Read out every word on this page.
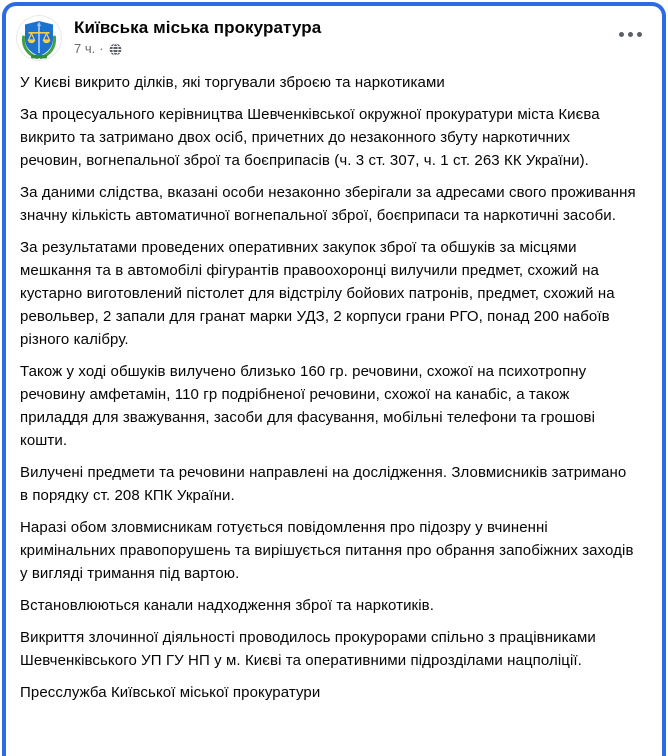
Київська міська прокуратура
7 ч. ·

У Києві викрито ділків, які торгували зброєю та наркотиками

За процесуального керівництва Шевченківської окружної прокуратури міста Києва викрито та затримано двох осіб, причетних до незаконного збуту наркотичних речовин, вогнепальної зброї та боєприпасів (ч. 3 ст. 307, ч. 1 ст. 263 КК України).

За даними слідства, вказані особи незаконно зберігали за адресами свого проживання значну кількість автоматичної вогнепальної зброї, боєприпаси та наркотичні засоби.

За результатами проведених оперативних закупок зброї та обшуків за місцями мешкання та в автомобілі фігурантів правоохоронці вилучили предмет, схожий на кустарно виготовлений пістолет для відстрілу бойових патронів, предмет, схожий на револьвер, 2 запали для гранат марки УДЗ, 2 корпуси грани РГО, понад 200 набоїв різного калібру.

Також у ході обшуків вилучено близько 160 гр. речовини, схожої на психотропну речовину амфетамін, 110 гр подрібненої речовини, схожої на канабіс, а також приладдя для зважування, засоби для фасування, мобільні телефони та грошові кошти.

Вилучені предмети та речовини направлені на дослідження. Зловмисників затримано в порядку ст. 208 КПК України.

Наразі обом зловмисникам готується повідомлення про підозру у вчиненні кримінальних правопорушень та вирішується питання про обрання запобіжних заходів у вигляді тримання під вартою.

Встановлюються канали надходження зброї та наркотиків.

Викриття злочинної діяльності проводилось прокурорами спільно з працівниками Шевченківського УП ГУ НП у м. Києві та оперативними підрозділами нацполіції.

Пресслужба Київської міської прокуратури
